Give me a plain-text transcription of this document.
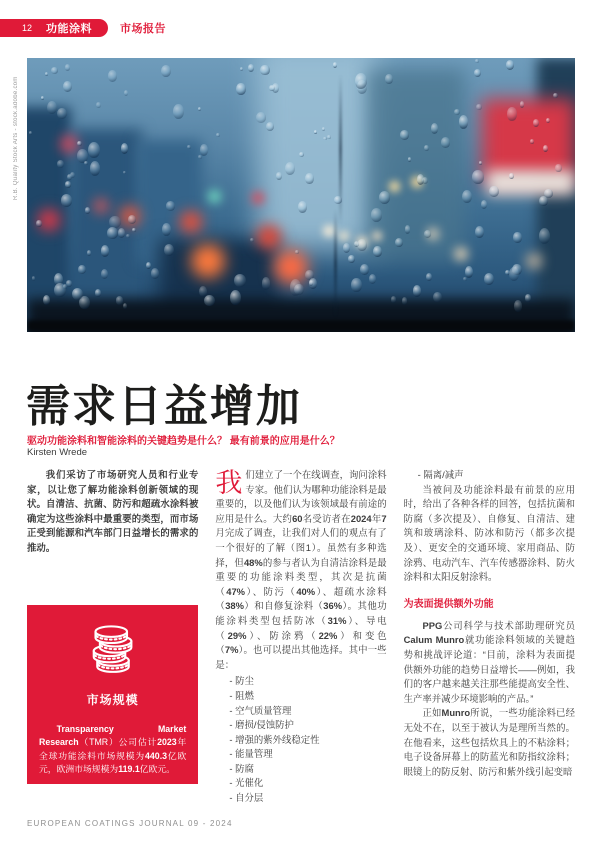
12 功能涂料	市场报告
R.B. Quality Stock Arts - stock.adobe.com
需求日益增加
驱动功能涂料和智能涂料的关键趋势是什么？ 最有前景的应用是什么？
Kirsten Wrede

我们采访了市场研究人员和行业专家，以让您了解功能涂料创新领域的现状。自清洁、抗菌、防污和超疏水涂料被确定为这些涂料中最重要的类型，而市场正受到能源和汽车部门日益增长的需求的推动。

市场规模

Transparency Market Research（TMR）公司估计2023年全球功能涂料市场规模为440.3亿欧元，欧洲市场规模为119.1亿欧元。

我们建立了一个在线调查，询问涂料专家。他们认为哪种功能涂料是最重要的，以及他们认为该领域最有前途的应用是什么。大约60名受访者在2024年7月完成了调查，让我们对人们的观点有了一个很好的了解（图1）。虽然有多种选择，但48%的参与者认为自清洁涂料是最重要的功能涂料类型，其次是抗菌（47%）、防污（40%）、超疏水涂料（38%）和自修复涂料（36%）。其他功能涂料类型包括防冰（31%）、导电（29%）、防涂鸦（22%）和变色（7%）。也可以提出其他选择。其中一些是：

- 防尘
- 阻燃
- 空气质量管理
- 磨损/侵蚀防护
- 增强的紫外线稳定性
- 能量管理
- 防腐
- 光催化
- 自分层
- 隔离/减声

当被问及功能涂料最有前景的应用时，给出了各种各样的回答，包括抗菌和防腐（多次提及）、自修复、自清洁、建筑和玻璃涂料、防冰和防污（都多次提及）、更安全的交通环境、家用商品、防涂鸦、电动汽车、汽车传感器涂料、防火涂料和太阳反射涂料。

为表面提供额外功能

PPG公司科学与技术部助理研究员Calum Munro就功能涂料领域的关键趋势和挑战评论道：“目前，涂料为表面提供额外功能的趋势日益增长——例如，我们的客户越来越关注那些能提高安全性、生产率并减少环境影响的产品。”

正如Munro所说，一些功能涂料已经无处不在，以至于被认为是理所当然的。在他看来，这些包括炊具上的不粘涂料；电子设备屏幕上的防蓝光和防指纹涂料；眼镜上的防反射、防污和紫外线引起变暗

EUROPEAN COATINGS JOURNAL 09 - 2024
